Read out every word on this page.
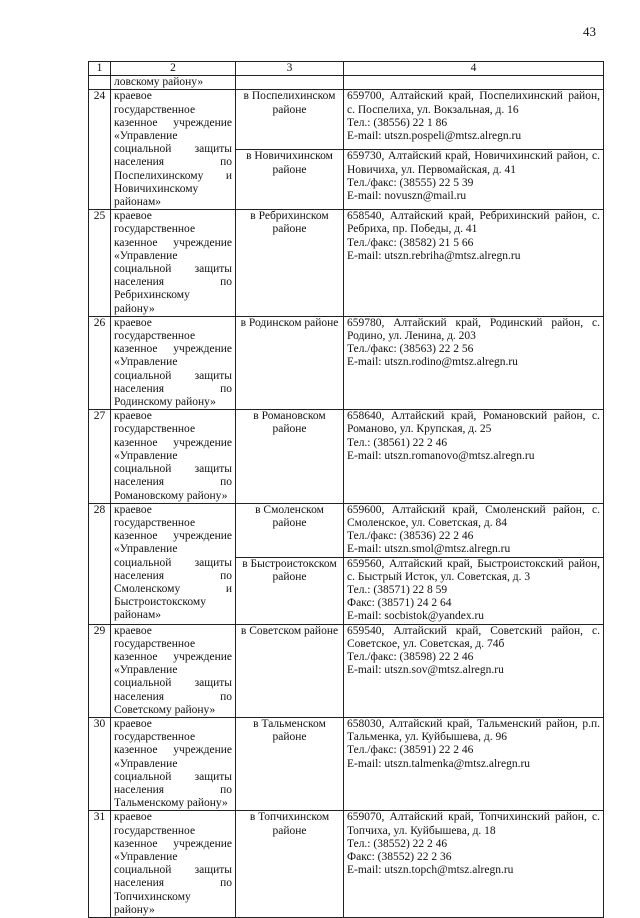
43
1	2	3	4
	ловскому району»		
24	краевое государственное казенное учреждение «Управление социальной защиты населения по Поспелихинскому и Новичихинскому районам»	в Поспелихинском районе	659700, Алтайский край, Поспелихинский район, с. Поспелиха, ул. Вокзальная, д. 16
Тел.: (38556) 22 1 86
E-mail: utszn.pospeli@mtsz.alregn.ru

		в Новичихинском районе	659730, Алтайский край, Новичихинский район, с. Новичиха, ул. Первомайская, д. 41
Тел./факс: (38555) 22 5 39
E-mail: novuszn@mail.ru

25	краевое государственное казенное учреждение «Управление социальной защиты населения по Ребрихинскому району»	в Ребрихинском районе	658540, Алтайский край, Ребрихинский район, с. Ребриха, пр. Победы, д. 41
Тел./факс: (38582) 21 5 66
E-mail: utszn.rebriha@mtsz.alregn.ru

26	краевое государственное казенное учреждение «Управление социальной защиты населения по Родинскому району»	в Родинском районе	659780, Алтайский край, Родинский район, с. Родино, ул. Ленина, д. 203
Тел./факс: (38563) 22 2 56
E-mail: utszn.rodino@mtsz.alregn.ru

27	краевое государственное казенное учреждение «Управление социальной защиты населения по Романовскому району»	в Романовском районе	658640, Алтайский край, Романовский район, с. Романово, ул. Крупская, д. 25
Тел.: (38561) 22 2 46
E-mail: utszn.romanovo@mtsz.alregn.ru

28	краевое государственное казенное учреждение «Управление социальной защиты населения по Смоленскому и Быстроистокскому районам»	в Смоленском районе	659600, Алтайский край, Смоленский район, с. Смоленское, ул. Советская, д. 84
Тел./факс: (38536) 22 2 46
E-mail: utszn.smol@mtsz.alregn.ru

		в Быстроистокском районе	659560, Алтайский край, Быстроистокский район, с. Быстрый Исток, ул. Советская, д. 3
Тел.: (38571) 22 8 59
Факс: (38571) 24 2 64
E-mail: socbistok@yandex.ru

29	краевое государственное казенное учреждение «Управление социальной защиты населения по Советскому району»	в Советском районе	659540, Алтайский край, Советский район, с. Советское, ул. Советская, д. 74б
Тел./факс: (38598) 22 2 46
E-mail: utszn.sov@mtsz.alregn.ru

30	краевое государственное казенное учреждение «Управление социальной защиты населения по Тальменскому району»	в Тальменском районе	658030, Алтайский край, Тальменский район, р.п. Тальменка, ул. Куйбышева, д. 96
Тел./факс: (38591) 22 2 46
E-mail: utszn.talmenka@mtsz.alregn.ru

31	краевое государственное казенное учреждение «Управление социальной защиты населения по Топчихинскому району»	в Топчихинском районе	659070, Алтайский край, Топчихинский район, с. Топчиха, ул. Куйбышева, д. 18
Тел.: (38552) 22 2 46
Факс: (38552) 22 2 36
E-mail: utszn.topch@mtsz.alregn.ru
